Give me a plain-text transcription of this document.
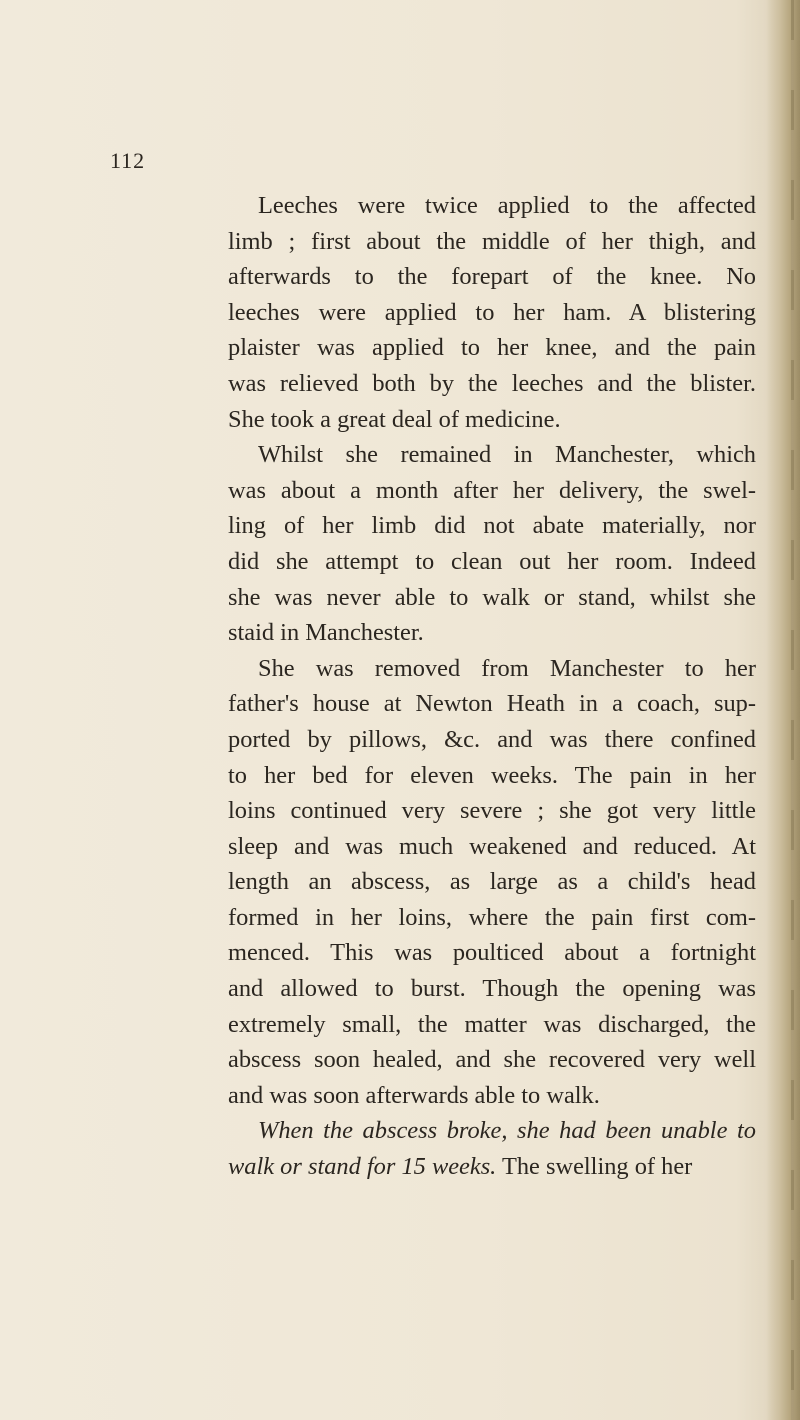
112
Leeches were twice applied to the affected
limb ; first about the middle of her thigh, and
afterwards to the forepart of the knee. No
leeches were applied to her ham. A blistering
plaister was applied to her knee, and the pain
was relieved both by the leeches and the blister.
She took a great deal of medicine.
Whilst she remained in Manchester, which
was about a month after her delivery, the swel-
ling of her limb did not abate materially, nor
did she attempt to clean out her room. Indeed
she was never able to walk or stand, whilst she
staid in Manchester.
She was removed from Manchester to her
father's house at Newton Heath in a coach, sup-
ported by pillows, &c. and was there confined
to her bed for eleven weeks. The pain in her
loins continued very severe ; she got very little
sleep and was much weakened and reduced. At
length an abscess, as large as a child's head
formed in her loins, where the pain first com-
menced. This was poulticed about a fortnight
and allowed to burst. Though the opening was
extremely small, the matter was discharged, the
abscess soon healed, and she recovered very well
and was soon afterwards able to walk.
When the abscess broke, she had been unable to
walk or stand for 15 weeks. The swelling of her
